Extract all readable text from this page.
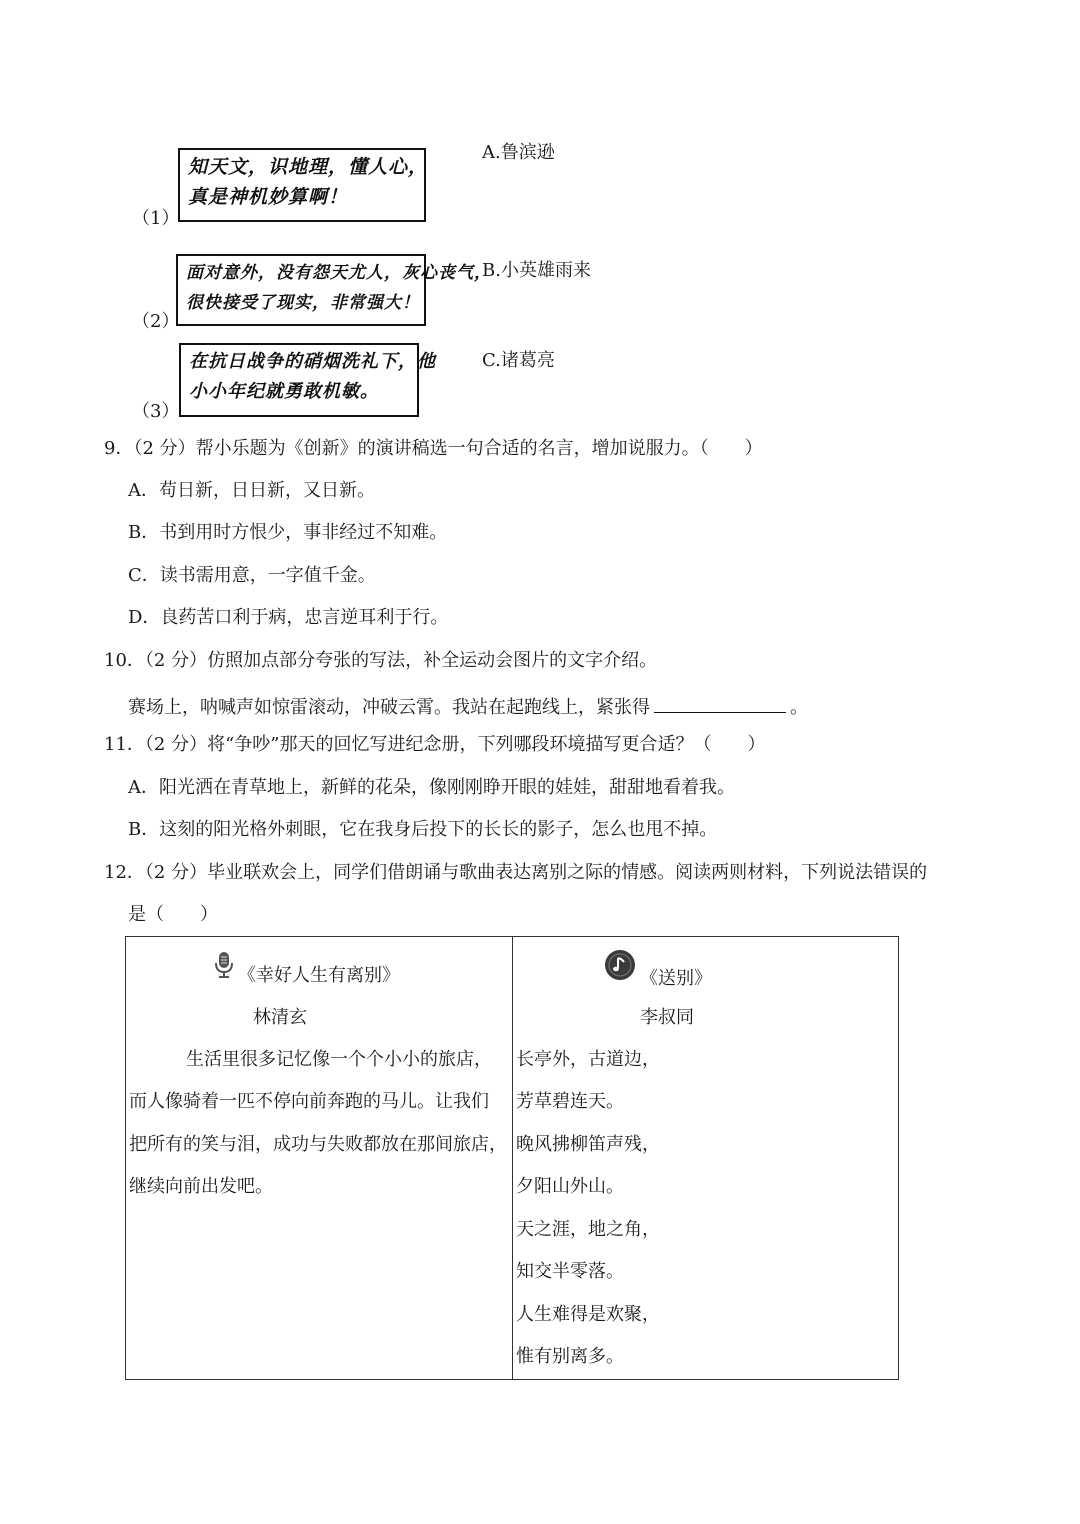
知天文，识地理，懂人心，
真是神机妙算啊！
（1）
面对意外，没有怨天尤人，灰心丧气，
很快接受了现实，非常强大！
（2）
在抗日战争的硝烟洗礼下，他
小小年纪就勇敢机敏。
（3）
A.鲁滨逊
B.小英雄雨来
C.诸葛亮
9．（2 分）帮小乐题为《创新》的演讲稿选一句合适的名言，增加说服力。（　　）
A．苟日新，日日新，又日新。
B．书到用时方恨少，事非经过不知难。
C．读书需用意，一字值千金。
D．良药苦口利于病，忠言逆耳利于行。
10．（2 分）仿照加点部分夸张的写法，补全运动会图片的文字介绍。
赛场上，呐喊声如惊雷滚动，冲破云霄。我站在起跑线上，紧张得	。
11．（2 分）将“争吵”那天的回忆写进纪念册，下列哪段环境描写更合适？（　　）
A．阳光洒在青草地上，新鲜的花朵，像刚刚睁开眼的娃娃，甜甜地看着我。
B．这刻的阳光格外刺眼，它在我身后投下的长长的影子，怎么也甩不掉。
12．（2 分）毕业联欢会上，同学们借朗诵与歌曲表达离别之际的情感。阅读两则材料，下列说法错误的
是（　　）
《幸好人生有离别》
林清玄
生活里很多记忆像一个个小小的旅店，
而人像骑着一匹不停向前奔跑的马儿。让我们
把所有的笑与泪，成功与失败都放在那间旅店，
继续向前出发吧。
《送别》
李叔同
长亭外，古道边，
芳草碧连天。
晚风拂柳笛声残，
夕阳山外山。
天之涯，地之角，
知交半零落。
人生难得是欢聚，
惟有别离多。
